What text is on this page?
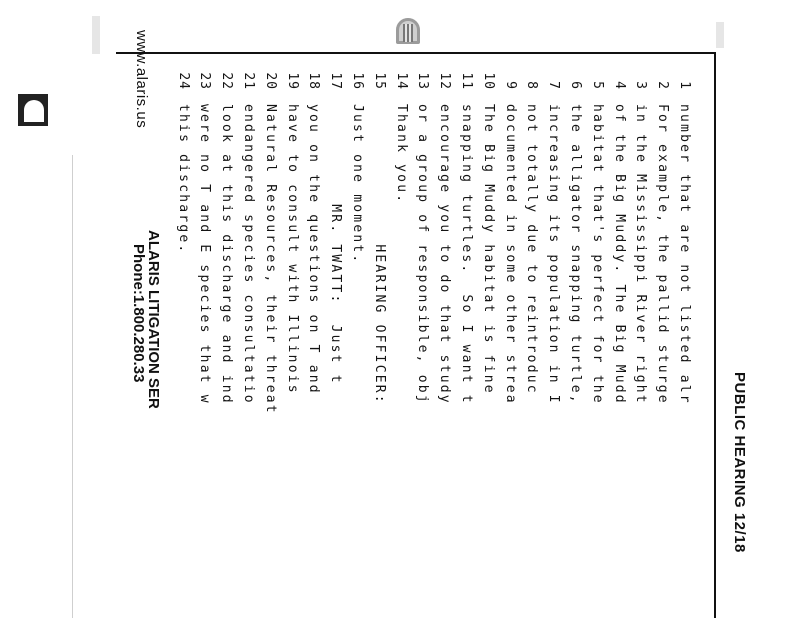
PUBLIC HEARING 12/18
1number that are not listed alr
2For example, the pallid sturge
3in the Mississippi River right
4of the Big Muddy. The Big Mudd
5habitat that's perfect for the
6the alligator snapping turtle,
7increasing its population in I
8not totally due to reintroduc
9documented in some other strea
10The Big Muddy habitat is fine
11snapping turtles.  So I want t
12encourage you to do that study
13or a group of responsible, obj
14Thank you.
15              HEARING OFFICER:
16Just one moment.
17          MR. TWATT:  Just t
18you on the questions on T and
19have to consult with Illinois
20Natural Resources, their threat
21endangered species consultatio
22look at this discharge and ind
23were no T and E species that w
24this discharge.
www.alaris.us
ALARIS LITIGATION SER
Phone:1.800.280.33
